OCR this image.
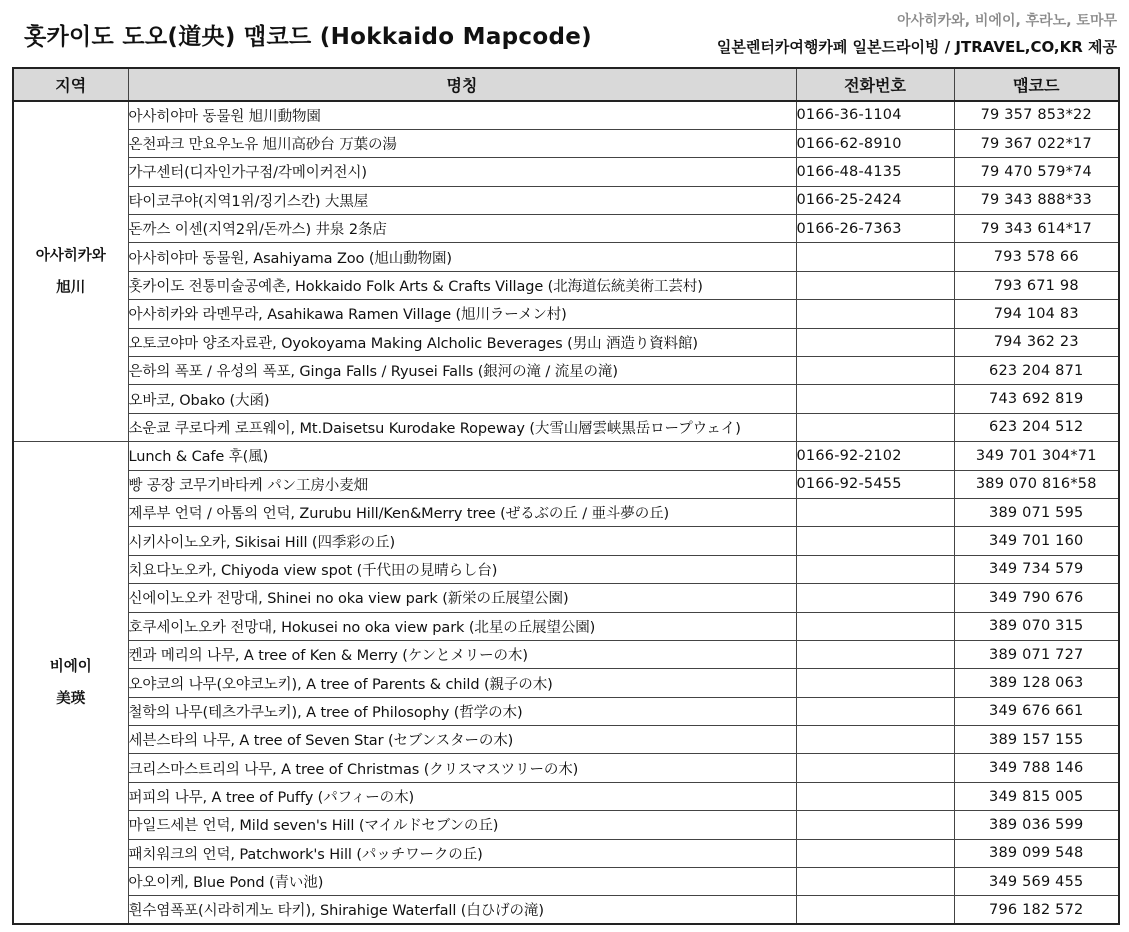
홋카이도 도오(道央) 맵코드 (Hokkaido Mapcode)
아사히카와, 비에이, 후라노, 토마무
일본렌터카여행카페 일본드라이빙 / JTRAVEL,CO,KR 제공
지역	명칭	전화번호	맵코드

아사히카와
旭川	아사히야마 동물원 旭川動物園	0166-36-1104	79 357 853*22
	온천파크 만요우노유 旭川高砂台 万葉の湯	0166-62-8910	79 367 022*17
	가구센터(디자인가구점/각메이커전시)	0166-48-4135	79 470 579*74
	타이코쿠야(지역1위/징기스칸) 大黒屋	0166-25-2424	79 343 888*33
	돈까스 이센(지역2위/돈까스) 井泉 2条店	0166-26-7363	79 343 614*17
	아사히야마 동물원, Asahiyama Zoo (旭山動物園)		793 578 66
	홋카이도 전통미술공예촌, Hokkaido Folk Arts & Crafts Village (北海道伝統美術工芸村)		793 671 98
	아사히카와 라멘무라, Asahikawa Ramen Village (旭川ラーメン村)		794 104 83
	오토코야마 양조자료관, Oyokoyama Making Alcholic Beverages (男山 酒造り資料館)		794 362 23
	은하의 폭포 / 유성의 폭포, Ginga Falls / Ryusei Falls (銀河の滝 / 流星の滝)		623 204 871
	오바코, Obako (大函)		743 692 819
	소운쿄 쿠로다케 로프웨이, Mt.Daisetsu Kurodake Ropeway (大雪山層雲峡黒岳ロープウェイ)		623 204 512

비에이
美瑛	Lunch & Cafe 후(風)	0166-92-2102	349 701 304*71
	빵 공장 코무기바타케 パン工房小麦畑	0166-92-5455	389 070 816*58
	제루부 언덕 / 아톰의 언덕, Zurubu Hill/Ken&Merry tree (ぜるぶの丘 / 亜斗夢の丘)		389 071 595
	시키사이노오카, Sikisai Hill (四季彩の丘)		349 701 160
	치요다노오카, Chiyoda view spot (千代田の見晴らし台)		349 734 579
	신에이노오카 전망대, Shinei no oka view park (新栄の丘展望公園)		349 790 676
	호쿠세이노오카 전망대, Hokusei no oka view park (北星の丘展望公園)		389 070 315
	켄과 메리의 나무, A tree of Ken & Merry (ケンとメリーの木)		389 071 727
	오야코의 나무(오야코노키), A tree of Parents & child (親子の木)		389 128 063
	철학의 나무(테츠가쿠노키), A tree of Philosophy (哲学の木)		349 676 661
	세븐스타의 나무, A tree of Seven Star (セブンスターの木)		389 157 155
	크리스마스트리의 나무, A tree of Christmas (クリスマスツリーの木)		349 788 146
	퍼피의 나무, A tree of Puffy (パフィーの木)		349 815 005
	마일드세븐 언덕, Mild seven's Hill (マイルドセブンの丘)		389 036 599
	패치워크의 언덕, Patchwork's Hill (パッチワークの丘)		389 099 548
	아오이케, Blue Pond (青い池)		349 569 455
	흰수염폭포(시라히게노 타키), Shirahige Waterfall (白ひげの滝)		796 182 572
